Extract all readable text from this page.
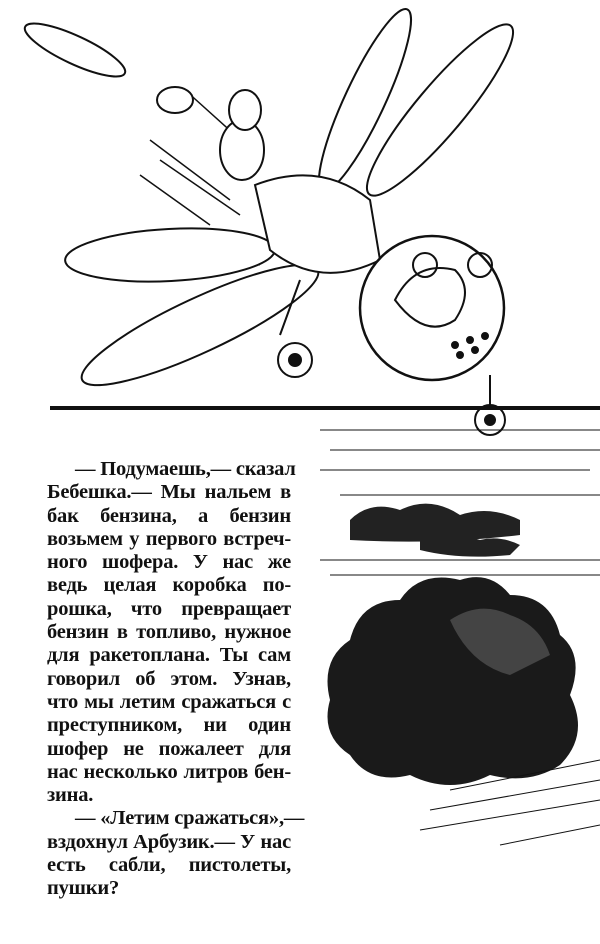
— Подумаешь,— сказал
Бебешка.— Мы нальем в
бак бензина, а бензин
возьмем у первого встреч-
ного шофера. У нас же
ведь целая коробка по-
рошка, что превращает
бензин в топливо, нужное
для ракетоплана. Ты сам
говорил об этом. Узнав,
что мы летим сражаться с
преступником, ни один
шофер не пожалеет для
нас несколько литров бен-
зина.
— «Летим сражаться»,—
вздохнул Арбузик.— У нас
есть сабли, пистолеты,
пушки?
